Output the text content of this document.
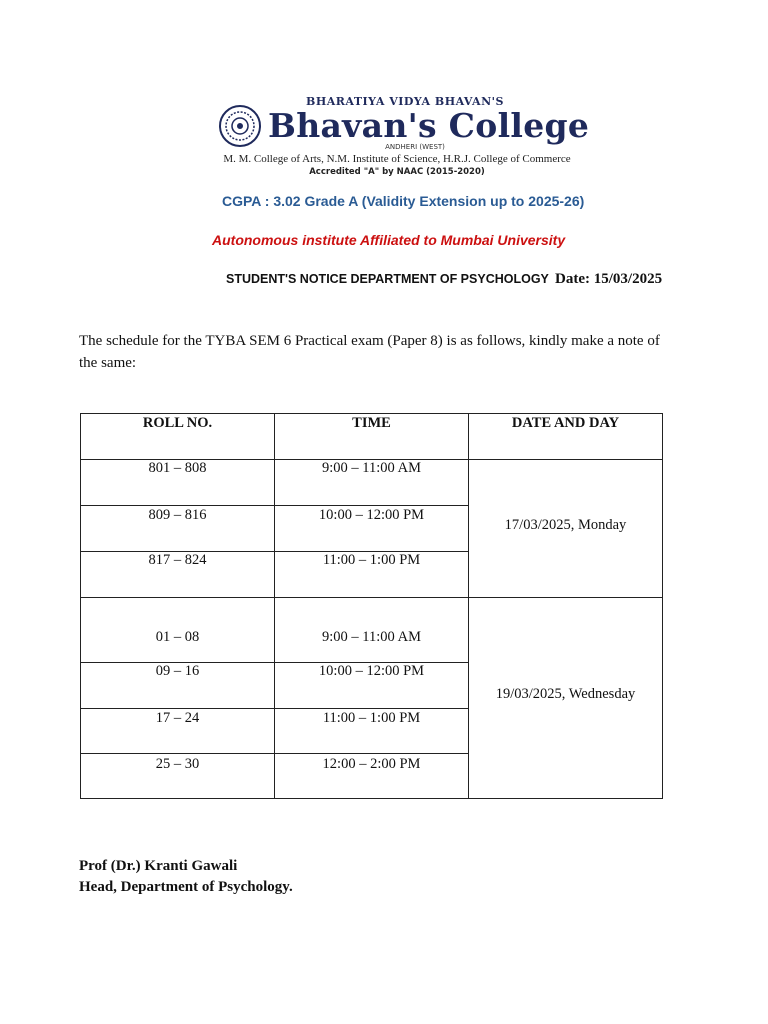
BHARATIYA VIDYA BHAVAN'S
Bhavan's College
ANDHERI (WEST)
M. M. College of Arts, N.M. Institute of Science, H.R.J. College of Commerce
Accredited "A" by NAAC (2015-2020)
CGPA : 3.02 Grade A (Validity Extension up to 2025-26)
Autonomous institute Affiliated to Mumbai University
STUDENT'S NOTICE DEPARTMENT OF PSYCHOLOGY Date: 15/03/2025
The schedule for the TYBA SEM 6 Practical exam (Paper 8) is as follows, kindly make a note of the same:
ROLL NO.	TIME	DATE AND DAY
801 – 808	9:00 – 11:00 AM
809 – 816	10:00 – 12:00 PM
817 – 824	11:00 – 1:00 PM
17/03/2025, Monday
01 – 08	9:00 – 11:00 AM
09 – 16	10:00 – 12:00 PM
17 – 24	11:00 – 1:00 PM
25 – 30	12:00 – 2:00 PM
19/03/2025, Wednesday
Prof (Dr.) Kranti Gawali
Head, Department of Psychology.
